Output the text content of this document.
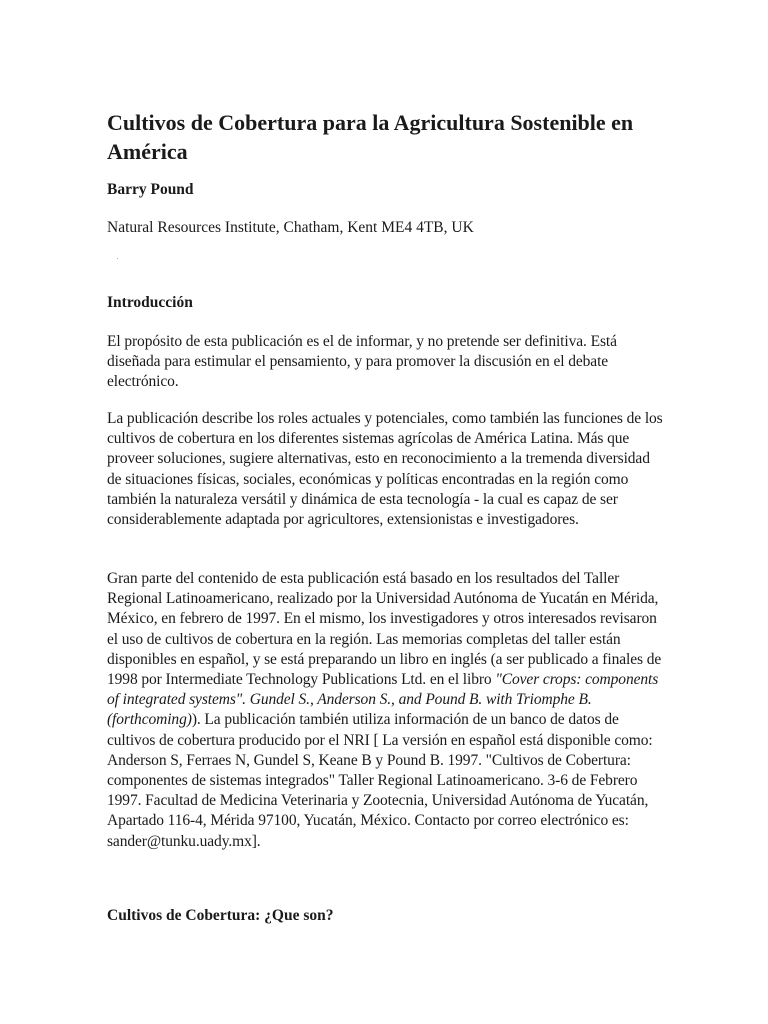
Cultivos de Cobertura para la Agricultura Sostenible en América

Barry Pound

Natural Resources Institute, Chatham, Kent ME4 4TB, UK

Introducción

El propósito de esta publicación es el de informar, y no pretende ser definitiva. Está diseñada para estimular el pensamiento, y para promover la discusión en el debate electrónico.

La publicación describe los roles actuales y potenciales, como también las funciones de los cultivos de cobertura en los diferentes sistemas agrícolas de América Latina. Más que proveer soluciones, sugiere alternativas, esto en reconocimiento a la tremenda diversidad de situaciones físicas, sociales, económicas y políticas encontradas en la región como también la naturaleza versátil y dinámica de esta tecnología - la cual es capaz de ser considerablemente adaptada por agricultores, extensionistas e investigadores.

Gran parte del contenido de esta publicación está basado en los resultados del Taller Regional Latinoamericano, realizado por la Universidad Autónoma de Yucatán en Mérida, México, en febrero de 1997. En el mismo, los investigadores y otros interesados revisaron el uso de cultivos de cobertura en la región. Las memorias completas del taller están disponibles en español, y se está preparando un libro en inglés (a ser publicado a finales de 1998 por Intermediate Technology Publications Ltd. en el libro "Cover crops: components of integrated systems". Gundel S., Anderson S., and Pound B. with Triomphe B. (forthcoming)). La publicación también utiliza información de un banco de datos de cultivos de cobertura producido por el NRI [ La versión en español está disponible como: Anderson S, Ferraes N, Gundel S, Keane B y Pound B. 1997. "Cultivos de Cobertura: componentes de sistemas integrados" Taller Regional Latinoamericano. 3-6 de Febrero 1997. Facultad de Medicina Veterinaria y Zootecnia, Universidad Autónoma de Yucatán, Apartado 116-4, Mérida 97100, Yucatán, México. Contacto por correo electrónico es: sander@tunku.uady.mx].

Cultivos de Cobertura: ¿Que son?
